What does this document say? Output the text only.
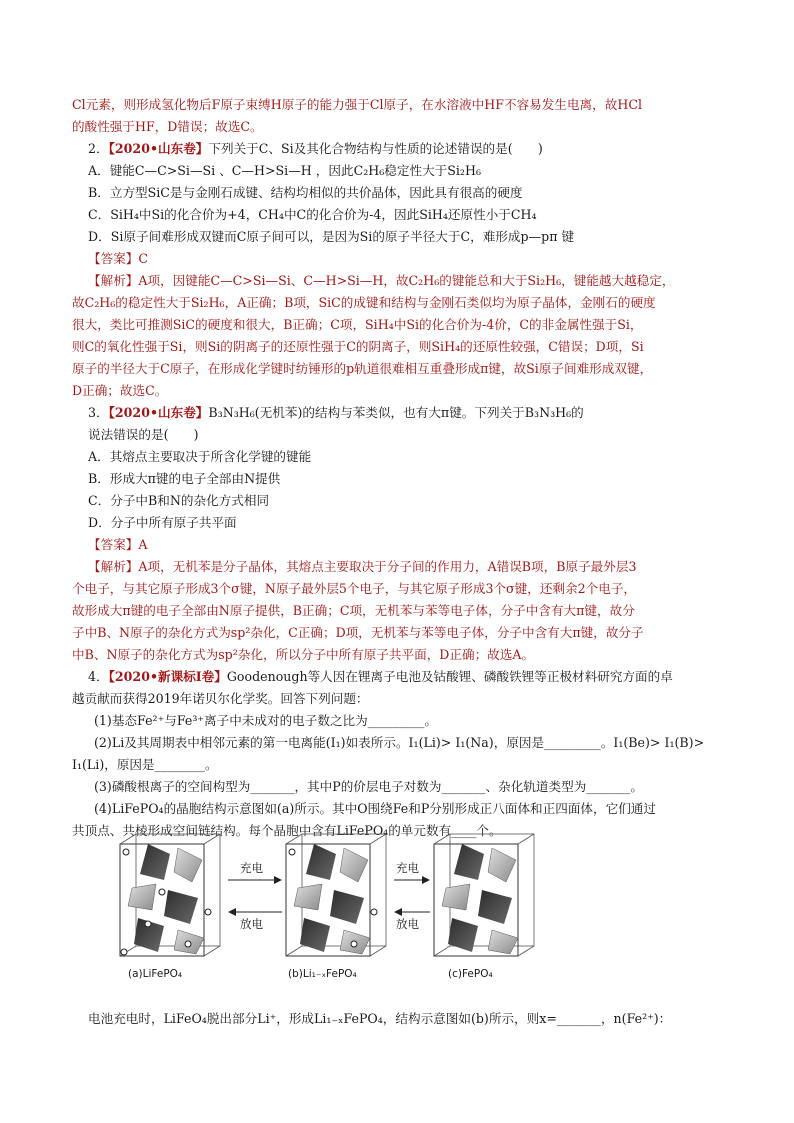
Cl元素，则形成氢化物后F原子束缚H原子的能力强于Cl原子，在水溶液中HF不容易发生电离，故HCl
的酸性强于HF，D错误；故选C。
2．【2020•山东卷】下列关于C、Si及其化合物结构与性质的论述错误的是(　　)
A．键能C—C>Si—Si 、C—H>Si—H ，因此C₂H₆稳定性大于Si₂H₆
B．立方型SiC是与金刚石成键、结构均相似的共价晶体，因此具有很高的硬度
C．SiH₄中Si的化合价为+4，CH₄中C的化合价为-4，因此SiH₄还原性小于CH₄
D．Si原子间难形成双键而C原子间可以，是因为Si的原子半径大于C，难形成p—pπ 键
【答案】C
【解析】A项，因键能C—C>Si—Si、C—H>Si—H，故C₂H₆的键能总和大于Si₂H₆，键能越大越稳定，
故C₂H₆的稳定性大于Si₂H₆，A正确；B项，SiC的成键和结构与金刚石类似均为原子晶体，金刚石的硬度
很大，类比可推测SiC的硬度和很大，B正确；C项，SiH₄中Si的化合价为-4价，C的非金属性强于Si，
则C的氧化性强于Si，则Si的阴离子的还原性强于C的阴离子，则SiH₄的还原性较强，C错误；D项，Si
原子的半径大于C原子，在形成化学键时纺锤形的p轨道很难相互重叠形成π键，故Si原子间难形成双键，
D正确；故选C。
3．【2020•山东卷】B₃N₃H₆(无机苯)的结构与苯类似，也有大π键。下列关于B₃N₃H₆的
说法错误的是(　　)
A．其熔点主要取决于所含化学键的键能
B．形成大π键的电子全部由N提供
C．分子中B和N的杂化方式相同
D．分子中所有原子共平面
【答案】A
【解析】A项，无机苯是分子晶体，其熔点主要取决于分子间的作用力，A错误B项，B原子最外层3
个电子，与其它原子形成3个σ键，N原子最外层5个电子，与其它原子形成3个σ键，还剩余2个电子，
故形成大π键的电子全部由N原子提供，B正确；C项，无机苯与苯等电子体，分子中含有大π键，故分
子中B、N原子的杂化方式为sp²杂化，C正确；D项，无机苯与苯等电子体，分子中含有大π键，故分子
中B、N原子的杂化方式为sp²杂化，所以分子中所有原子共平面，D正确；故选A。
4．【2020•新课标Ⅰ卷】Goodenough等人因在锂离子电池及钴酸锂、磷酸铁锂等正极材料研究方面的卓
越贡献而获得2019年诺贝尔化学奖。回答下列问题：
(1)基态Fe²⁺与Fe³⁺离子中未成对的电子数之比为_________。
(2)Li及其周期表中相邻元素的第一电离能(I₁)如表所示。I₁(Li)> I₁(Na)，原因是_________。I₁(Be)> I₁(B)>
I₁(Li)，原因是________。
(3)磷酸根离子的空间构型为_______，其中P的价层电子对数为_______、杂化轨道类型为_______。
(4)LiFePO₄的晶胞结构示意图如(a)所示。其中O围绕Fe和P分别形成正八面体和正四面体，它们通过
共顶点、共棱形成空间链结构。每个晶胞中含有LiFePO₄的单元数有____个。
电池充电时，LiFeO₄脱出部分Li⁺，形成Li₁₋ₓFePO₄，结构示意图如(b)所示，则x=_______，n(Fe²⁺)：
充电
放电
充电
放电
(a)LiFePO₄	(b)Li₁₋ₓFePO₄	(c)FePO₄
